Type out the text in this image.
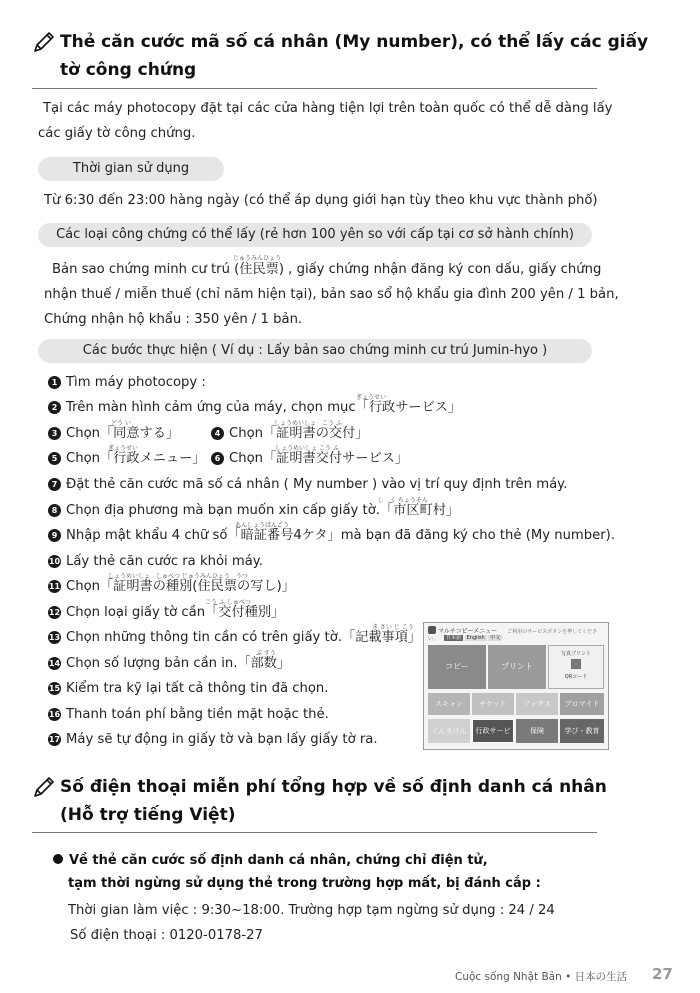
Thẻ căn cước mã số cá nhân (My number), có thể lấy các giấy
tờ công chứng
Tại các máy photocopy đặt tại các cửa hàng tiện lợi trên toàn quốc có thể dễ dàng lấy
các giấy tờ công chứng.
Thời gian sử dụng
Từ 6:30 đến 23:00 hàng ngày (có thể áp dụng giới hạn tùy theo khu vực thành phố)
Các loại công chứng có thể lấy (rẻ hơn 100 yên so với cấp tại cơ sở hành chính)
じゅうみんひょう
Bản sao chứng minh cư trú (住民票) , giấy chứng nhận đăng ký con dấu, giấy chứng
nhận thuế / miễn thuế (chỉ năm hiện tại), bản sao sổ hộ khẩu gia đình 200 yên / 1 bản,
Chứng nhận hộ khẩu : 350 yên / 1 bản.
Các bước thực hiện ( Ví dụ : Lấy bản sao chứng minh cư trú Jumin-hyo )
1 Tìm máy photocopy :
ぎょうせい
2 Trên màn hình cảm ứng của máy, chọn mục「行政サービス」
どう い
3 Chọn「同意する」
しょうめいしょ　こう ふ
4 Chọn「証明書の交付」
ぎょうせい
5 Chọn「行政メニュー」
しょうめいしょ こう ふ
6 Chọn「証明書交付サービス」
7 Đặt thẻ căn cước mã số cá nhân ( My number ) vào vị trí quy định trên máy.
し　く ちょうそん
8 Chọn địa phương mà bạn muốn xin cấp giấy tờ.「市区町村」
あんしょうばんごう
9 Nhập mật khẩu 4 chữ số「暗証番号4ケタ」mà bạn đã đăng ký cho thẻ (My number).
10 Lấy thẻ căn cước ra khỏi máy.
しょうめいしょ　しゅべつ じゅうみんひょう　うつ
11 Chọn「証明書の種別(住民票の写し)」
こう ふ しゅべつ
12 Chọn loại giấy tờ cần「交付種別」
き さい じ こう
13 Chọn những thông tin cần có trên giấy tờ.「記載事項」
ぶ すう
14 Chọn số lượng bản cần in.「部数」
15 Kiểm tra kỹ lại tất cả thông tin đã chọn.
16 Thanh toán phí bằng tiền mặt hoặc thẻ.
17 Máy sẽ tự động in giấy tờ và bạn lấy giấy tờ ra.
マルチコピーメニュー ご利用のサービスボタンを押してください。	日本語 English 中文
コピー	プリント
写真プリント

QRコード
スキャン	チケット	ファクス	ブロマイド
ぐんまけん	行政サービス
保険	学び・教育
Số điện thoại miễn phí tổng hợp về số định danh cá nhân
(Hỗ trợ tiếng Việt)
Về thẻ căn cước số định danh cá nhân, chứng chỉ điện tử,
tạm thời ngừng sử dụng thẻ trong trường hợp mất, bị đánh cắp :
Thời gian làm việc : 9:30~18:00. Trường hợp tạm ngừng sử dụng : 24 / 24
Số điện thoại : 0120-0178-27
Cuộc sống Nhật Bản • 日本の生活 27
